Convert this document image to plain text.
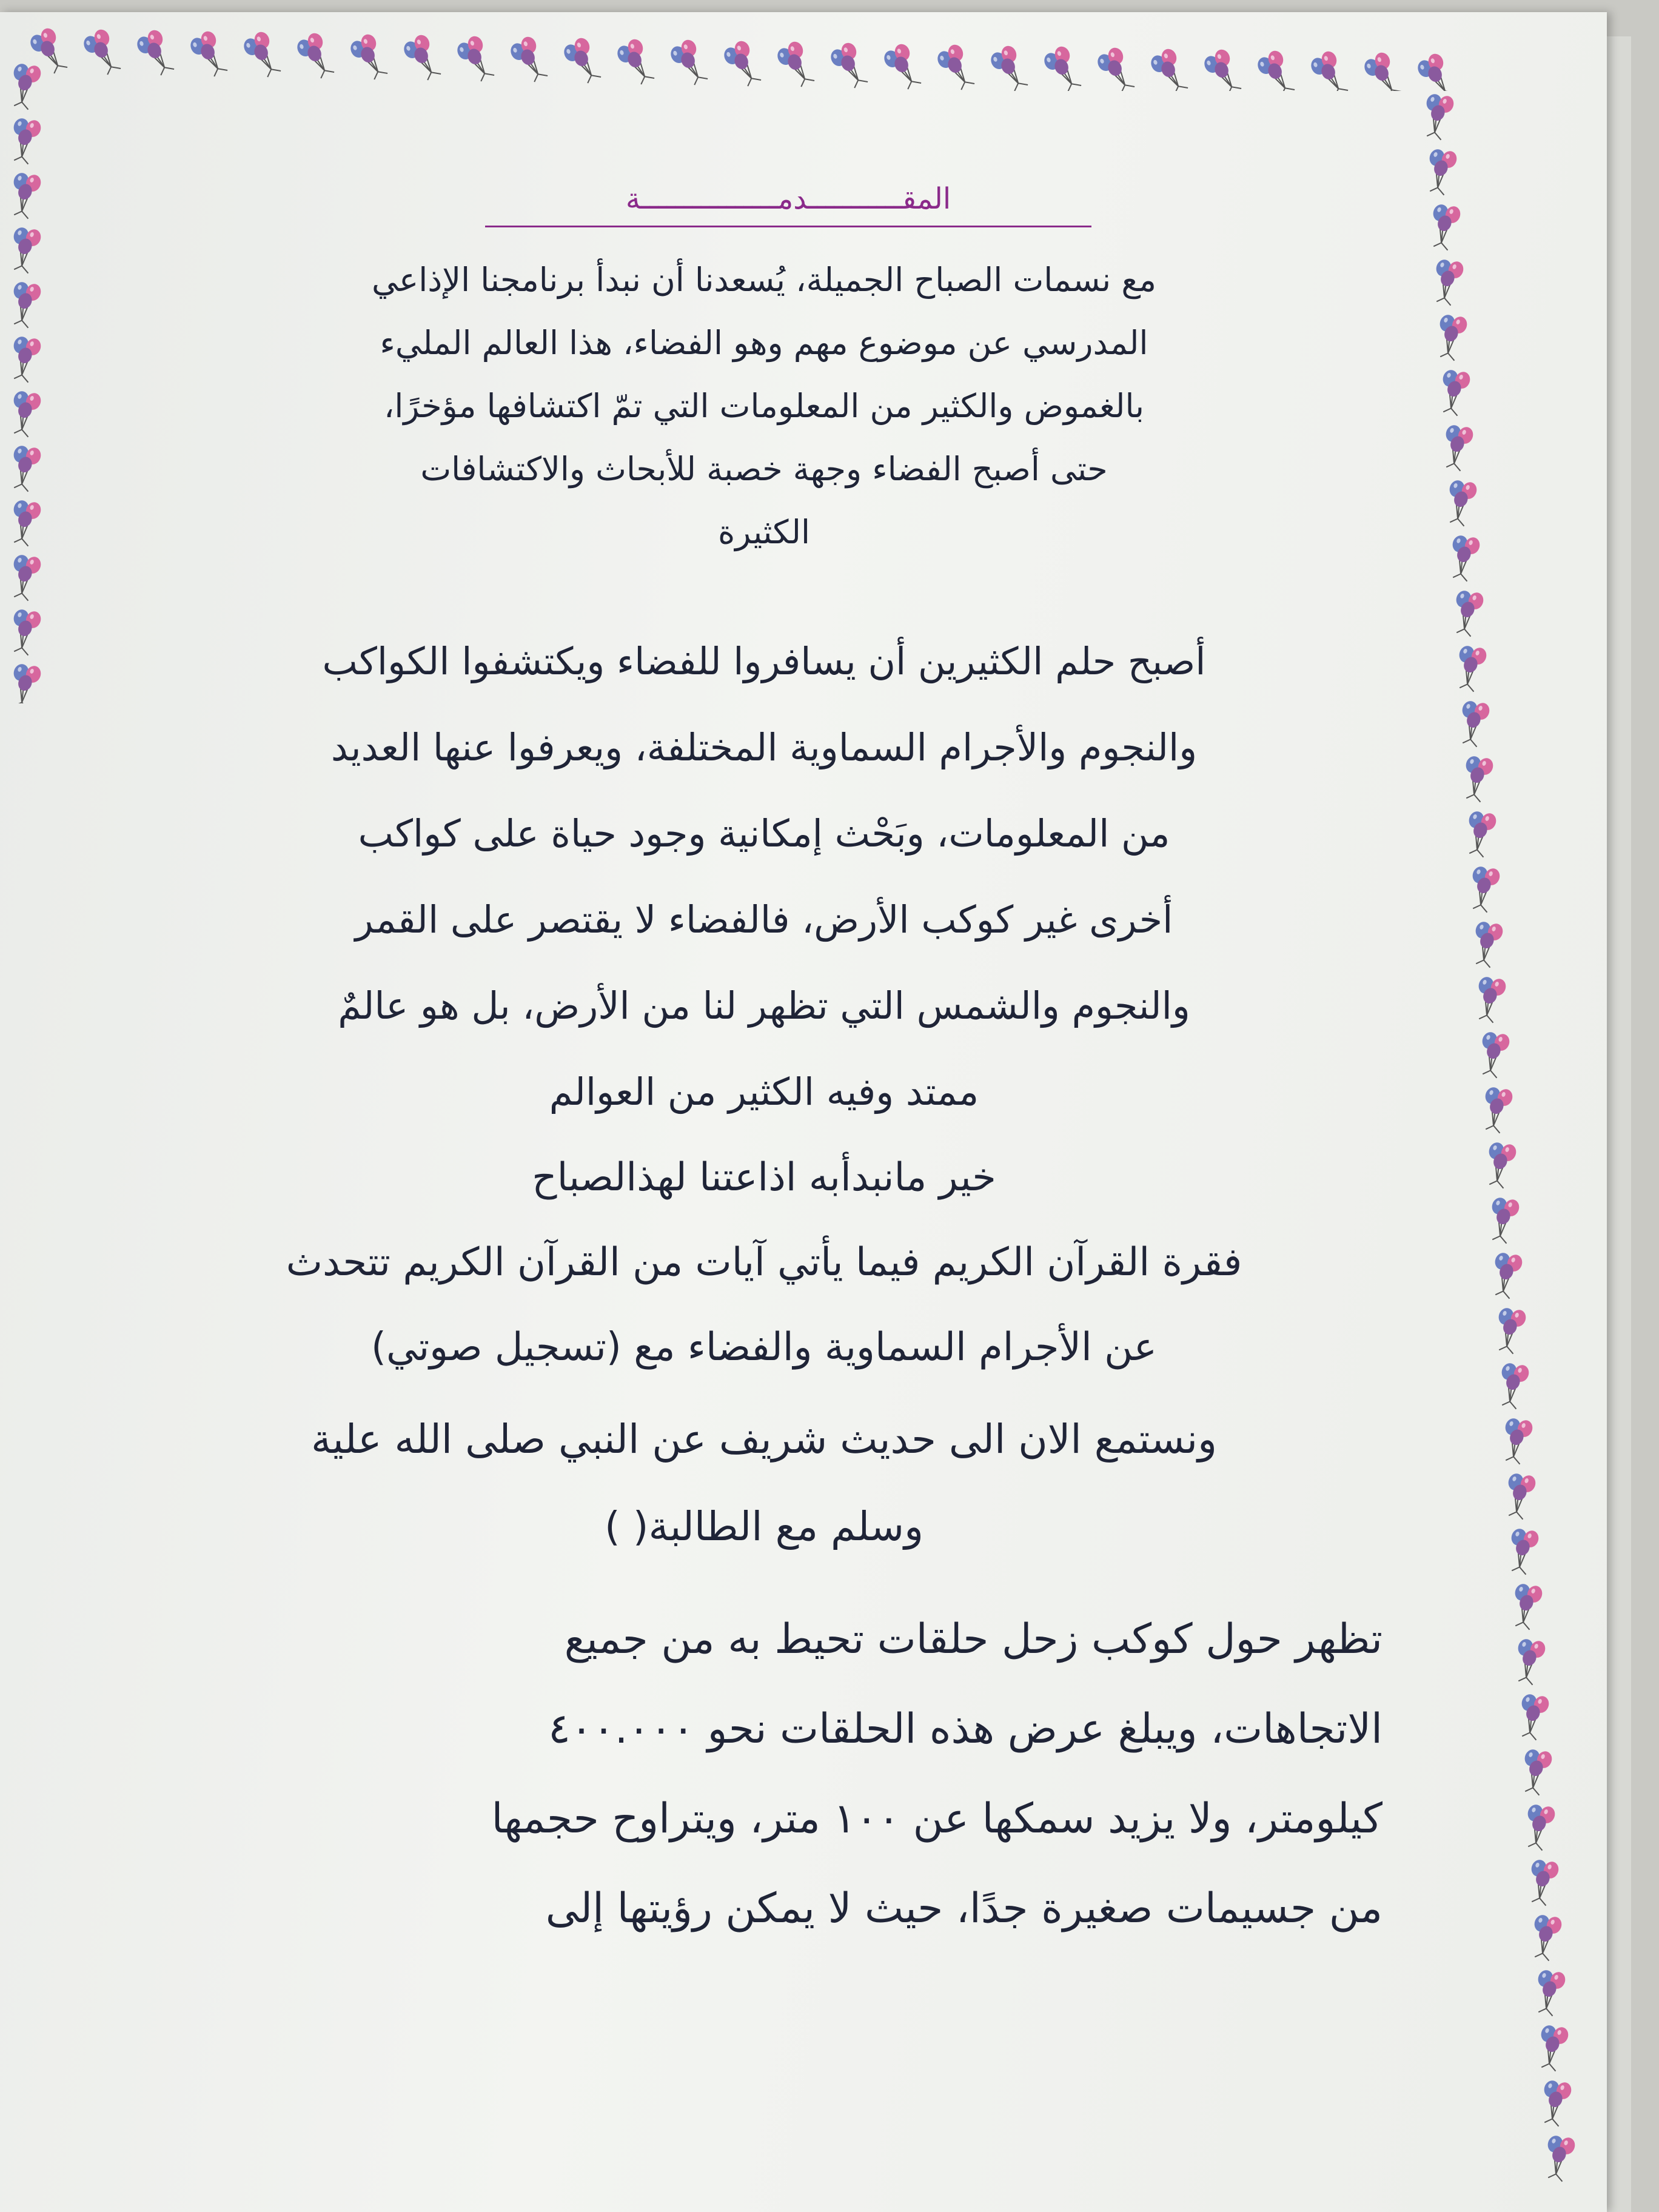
المقـــــــــــدمــــــــــــــــة

مع نسمات الصباح الجميلة، يُسعدنا أن نبدأ برنامجنا الإذاعي
المدرسي عن موضوع مهم وهو الفضاء، هذا العالم المليء
بالغموض والكثير من المعلومات التي تمّ اكتشافها مؤخرًا،
حتى أصبح الفضاء وجهة خصبة للأبحاث والاكتشافات
الكثيرة

أصبح حلم الكثيرين أن يسافروا للفضاء ويكتشفوا الكواكب
والنجوم والأجرام السماوية المختلفة، ويعرفوا عنها العديد
من المعلومات، وبَحْث إمكانية وجود حياة على كواكب
أخرى غير كوكب الأرض، فالفضاء لا يقتصر على القمر
والنجوم والشمس التي تظهر لنا من الأرض، بل هو عالمٌ
ممتد وفيه الكثير من العوالم

خير مانبدأبه اذاعتنا لهذالصباح
فقرة القرآن الكريم فيما يأتي آيات من القرآن الكريم تتحدث
عن الأجرام السماوية والفضاء مع (تسجيل صوتي)

ونستمع الان الى حديث شريف عن النبي صلى الله علية
وسلم مع الطالبة( )

تظهر حول كوكب زحل حلقات تحيط به من جميع
الاتجاهات، ويبلغ عرض هذه الحلقات نحو ٤٠٠.٠٠٠
كيلومتر، ولا يزيد سمكها عن ١٠٠ متر، ويتراوح حجمها
من جسيمات صغيرة جدًا، حيث لا يمكن رؤيتها إلى
